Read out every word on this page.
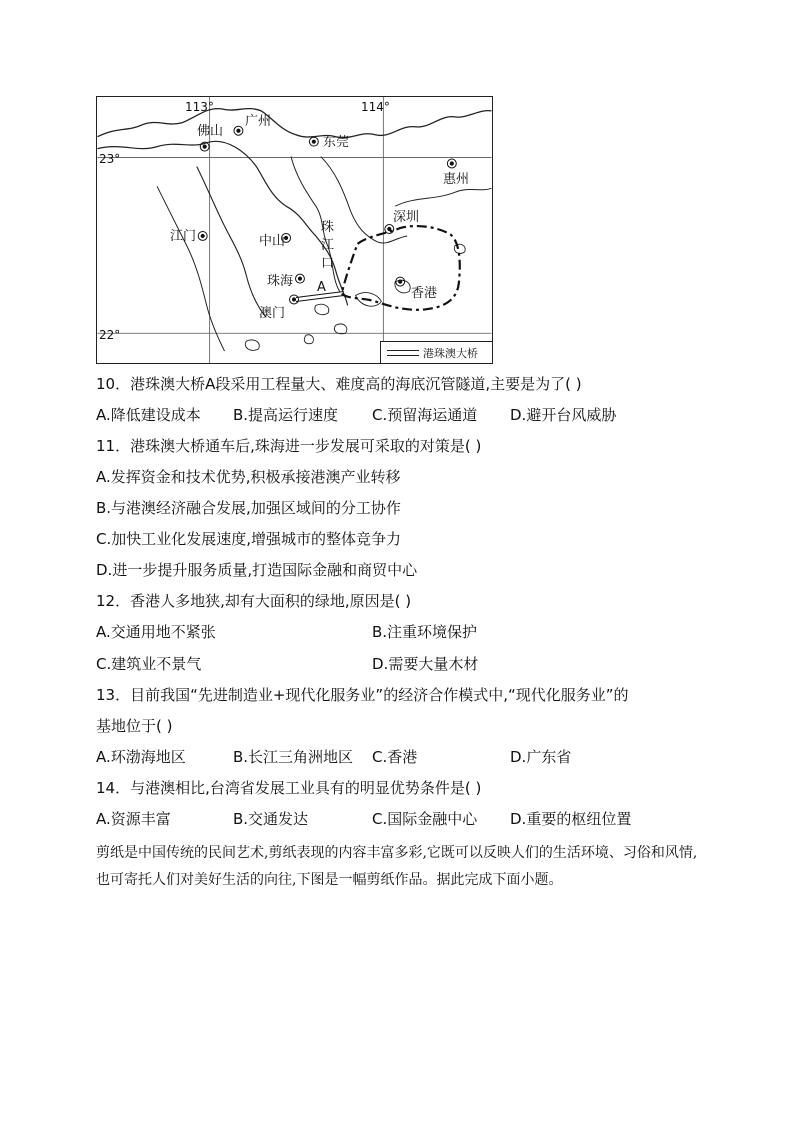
113°	114°
23°
22°
佛山
广州
东莞
惠州
深圳
江门	中山
珠
江
口
珠海
澳门
香港
A
港珠澳大桥
10．港珠澳大桥A段采用工程量大、难度高的海底沉管隧道,主要是为了( )
A.降低建设成本 B.提高运行速度 C.预留海运通道 D.避开台风威胁
11．港珠澳大桥通车后,珠海进一步发展可采取的对策是( )
A.发挥资金和技术优势,积极承接港澳产业转移
B.与港澳经济融合发展,加强区域间的分工协作
C.加快工业化发展速度,增强城市的整体竞争力
D.进一步提升服务质量,打造国际金融和商贸中心
12．香港人多地狭,却有大面积的绿地,原因是( )
A.交通用地不紧张	B.注重环境保护
C.建筑业不景气	D.需要大量木材
13．目前我国“先进制造业+现代化服务业”的经济合作模式中,“现代化服务业”的
基地位于( )
A.环渤海地区	B.长江三角洲地区 C.香港	D.广东省
14．与港澳相比,台湾省发展工业具有的明显优势条件是( )
A.资源丰富	B.交通发达	C.国际金融中心 D.重要的枢纽位置
剪纸是中国传统的民间艺术,剪纸表现的内容丰富多彩,它既可以反映人们的生活环境、习俗和风情,也可寄托人们对美好生活的向往,下图是一幅剪纸作品。据此完成下面小题。
